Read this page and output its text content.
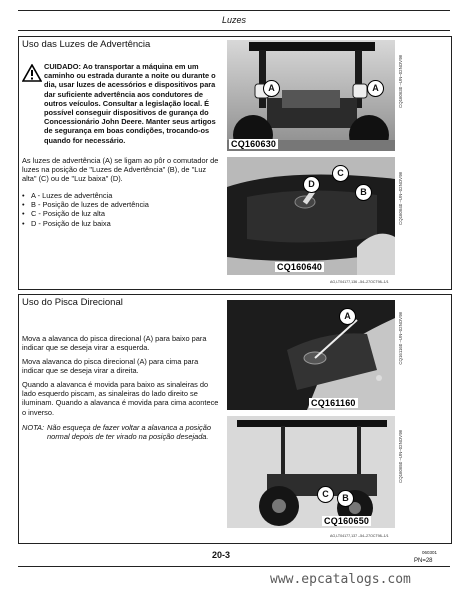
Luzes
Uso das Luzes de Advertência
CUIDADO: Ao transportar a máquina em um caminho ou estrada durante a noite ou durante o dia, usar luzes de acessórios e dispositivos para dar suficiente advertência aos condutores de outros veículos. Consultar a legislação local. É possível conseguir dispositivos de gurança do Concessionário John Deere. Manter seus artigos de segurança em boas condições, trocando-os quando for necessário.
As luzes de advertência (A) se ligam ao pôr o comutador de luzes na posição de "Luzes de Advertência" (B), de "Luz alta" (C) ou de "Luz baixa" (D).
• A - Luzes de advertência
• B - Posição de luzes de advertência
• C - Posição de luz alta
• D - Posição de luz baixa
A	A
CQ160630
CQ160630 –UN–02NOV98
D
C
B
CQ160640
CQ160640 –UN–02NOV98
AG,LT04177,136 –54–27OCT98–1/1
Uso do Pisca Direcional
Mova a alavanca do pisca direcional (A) para baixo para indicar que se deseja virar a esquerda.
Mova alavanca do pisca direcional (A) para cima para indicar que se deseja virar a direita.
Quando a alavanca é movida para baixo as sinaleiras do lado esquerdo piscam, as sinaleiras do lado direito se iluminam. Quando a alavanca é movida para cima acontece o inverso.
NOTA: Não esqueça de fazer voltar a alavanca a posição normal depois de ter virado na posição desejada.
A
CQ161160
CQ161160 –UN–02NOV98
C	B
CQ160650
CQ160650 –UN–02NOV98
AG,LT04177,137 –54–27OCT98–1/1
20-3	060301
PN=28
www.epcatalogs.com
